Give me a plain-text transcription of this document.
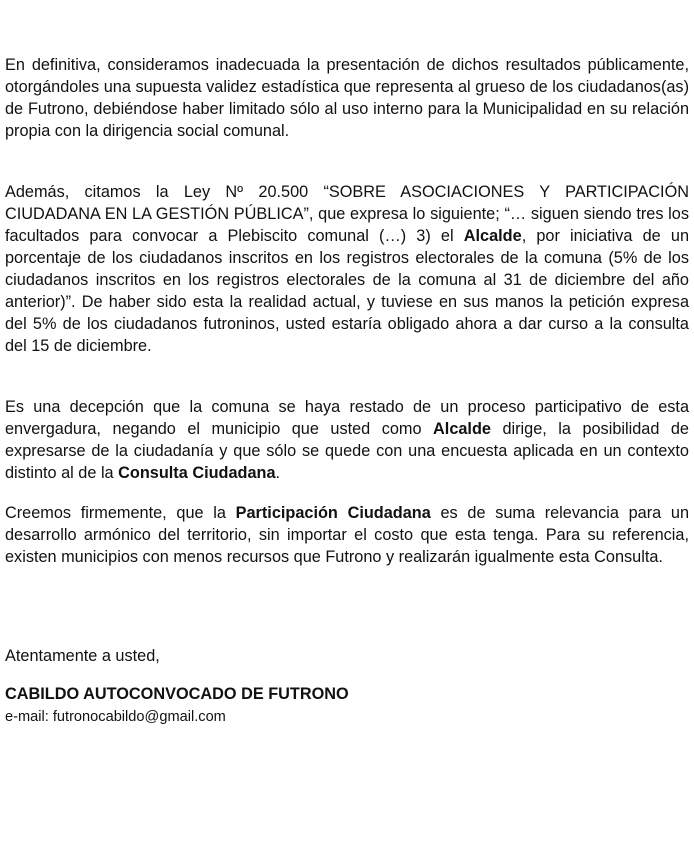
En definitiva, consideramos inadecuada la presentación de dichos resultados públicamente, otorgándoles una supuesta validez estadística que representa al grueso de los ciudadanos(as) de Futrono, debiéndose haber limitado sólo al uso interno para la Municipalidad en su relación propia con la dirigencia social comunal.

Además, citamos la Ley Nº 20.500 “SOBRE ASOCIACIONES Y PARTICIPACIÓN CIUDADANA EN LA GESTIÓN PÚBLICA”, que expresa lo siguiente; “… siguen siendo tres los facultados para convocar a Plebiscito comunal (…) 3) el Alcalde, por iniciativa de un porcentaje de los ciudadanos inscritos en los registros electorales de la comuna (5% de los ciudadanos inscritos en los registros electorales de la comuna al 31 de diciembre del año anterior)”. De haber sido esta la realidad actual, y tuviese en sus manos la petición expresa del 5% de los ciudadanos futroninos, usted estaría obligado ahora a dar curso a la consulta del 15 de diciembre.

Es una decepción que la comuna se haya restado de un proceso participativo de esta envergadura, negando el municipio que usted como Alcalde dirige, la posibilidad de expresarse de la ciudadanía y que sólo se quede con una encuesta aplicada en un contexto distinto al de la Consulta Ciudadana.

Creemos firmemente, que la Participación Ciudadana es de suma relevancia para un desarrollo armónico del territorio, sin importar el costo que esta tenga. Para su referencia, existen municipios con menos recursos que Futrono y realizarán igualmente esta Consulta.

Atentamente a usted,

CABILDO AUTOCONVOCADO DE FUTRONO

e-mail: futronocabildo@gmail.com
